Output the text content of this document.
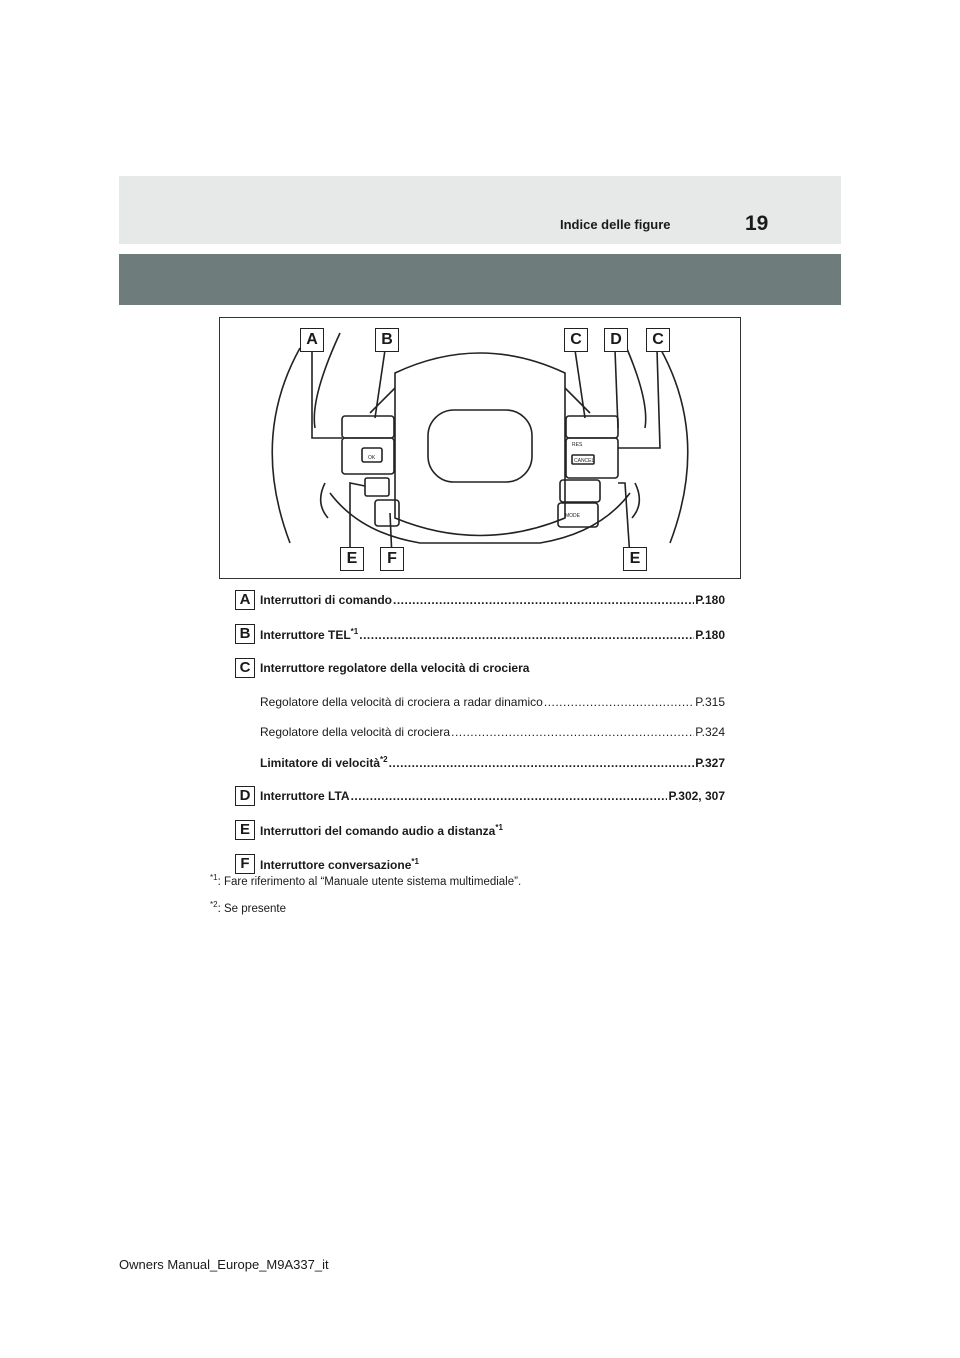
Indice delle figure	19
OK
RES
CANCEL
MODE
A	B	C	D	C
E	F	E
A Interruttori di comando .....	P.180
B Interruttore TEL$^{*1}$ .....	P.180
C Interruttore regolatore della velocità di crociera
Regolatore della velocità di crociera a radar dinamico .....	P.315
Regolatore della velocità di crociera .....	P.324
Limitatore di velocità$^{*2}$ .....	P.327
D Interruttore LTA .....	P.302, 307
E Interruttori del comando audio a distanza$^{*1}$
F Interruttore conversazione$^{*1}$
$^{*1}$: Fare riferimento al “Manuale utente sistema multimediale”.
$^{*2}$: Se presente
Owners Manual_Europe_M9A337_it
